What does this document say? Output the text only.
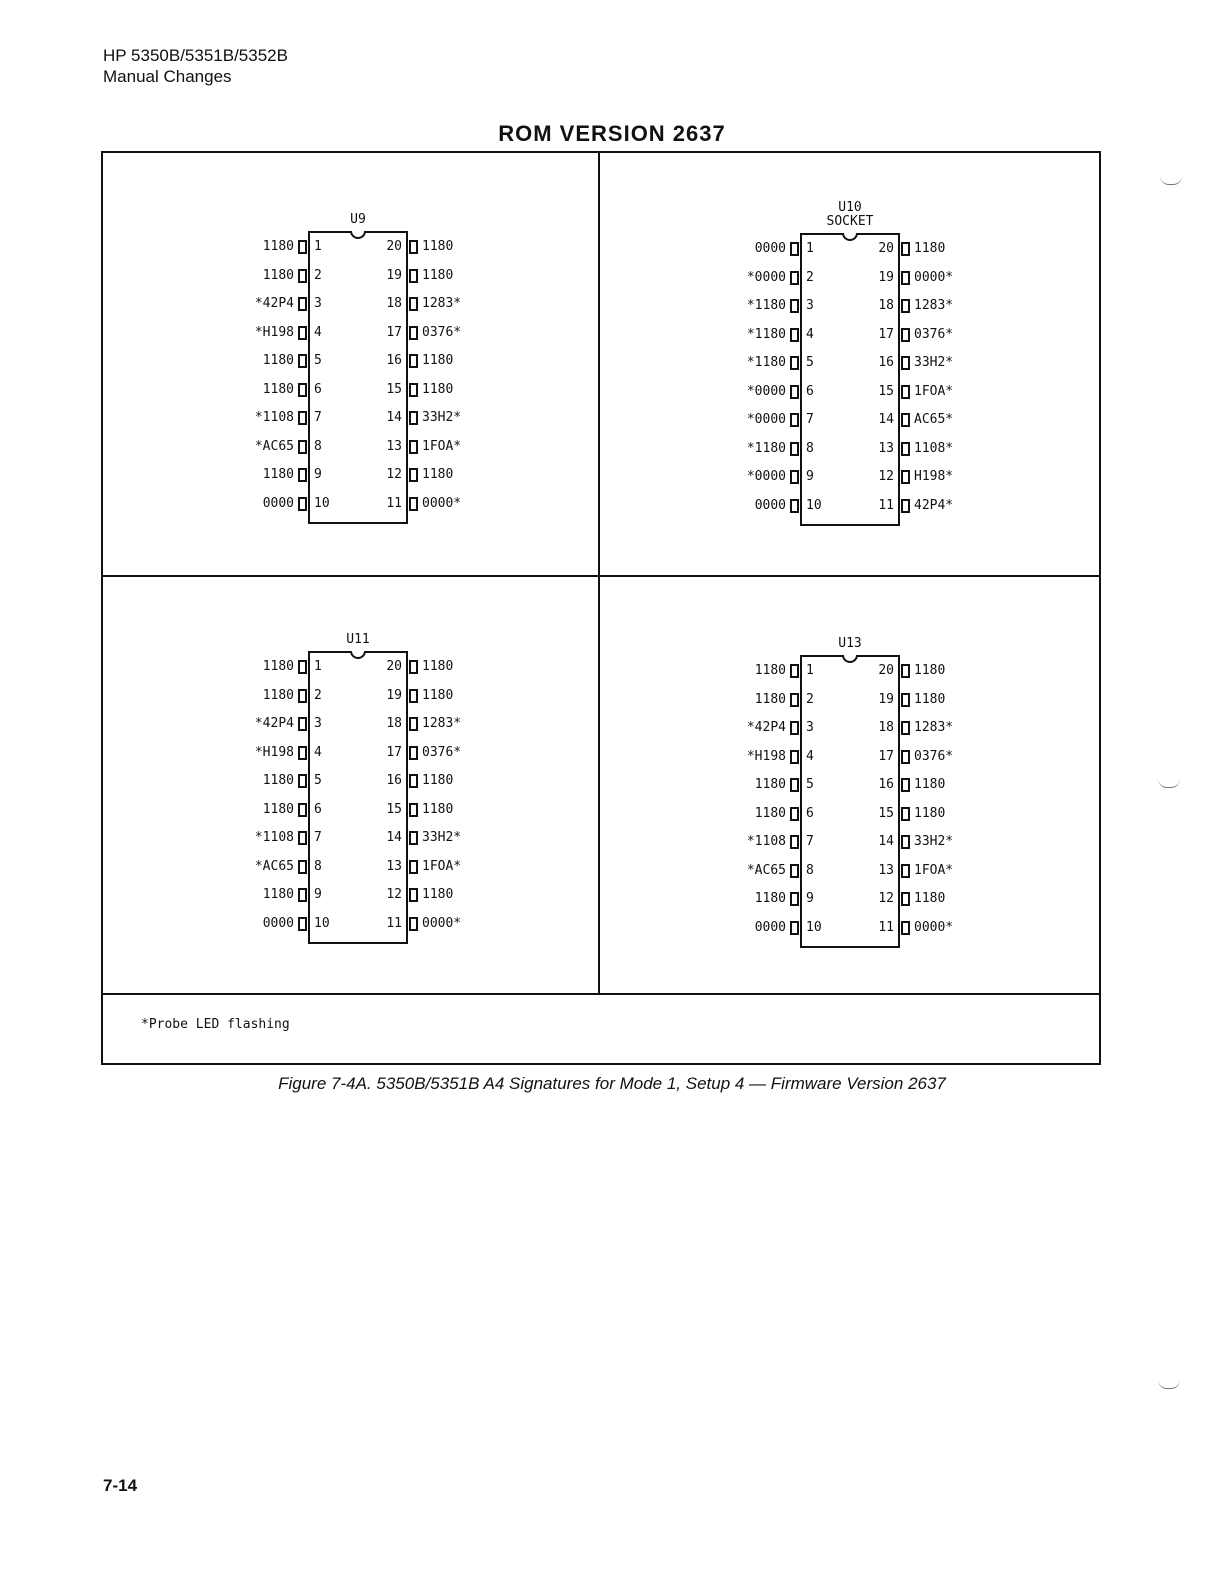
HP 5350B/5351B/5352B
Manual Changes
ROM VERSION 2637
U9
1180 1	20 1180
1180 2	19 1180
*42P4 3	18 1283*
*H198 4	17 0376*
1180 5	16 1180
1180 6	15 1180
*1108 7	14 33H2*
*AC65 8	13 1FOA*
1180 9	12 1180
0000 10	11 0000*
U10
SOCKET
0000 1	20 1180
*0000 2	19 0000*
*1180 3	18 1283*
*1180 4	17 0376*
*1180 5	16 33H2*
*0000 6	15 1FOA*
*0000 7	14 AC65*
*1180 8	13 1108*
*0000 9	12 H198*
0000 10	11 42P4*
U11
1180 1	20 1180
1180 2	19 1180
*42P4 3	18 1283*
*H198 4	17 0376*
1180 5	16 1180
1180 6	15 1180
*1108 7	14 33H2*
*AC65 8	13 1FOA*
1180 9	12 1180
0000 10	11 0000*
U13
1180 1	20 1180
1180 2	19 1180
*42P4 3	18 1283*
*H198 4	17 0376*
1180 5	16 1180
1180 6	15 1180
*1108 7	14 33H2*
*AC65 8	13 1FOA*
1180 9	12 1180
0000 10	11 0000*
*Probe LED flashing
Figure 7-4A. 5350B/5351B A4 Signatures for Mode 1, Setup 4 — Firmware Version 2637
7-14
